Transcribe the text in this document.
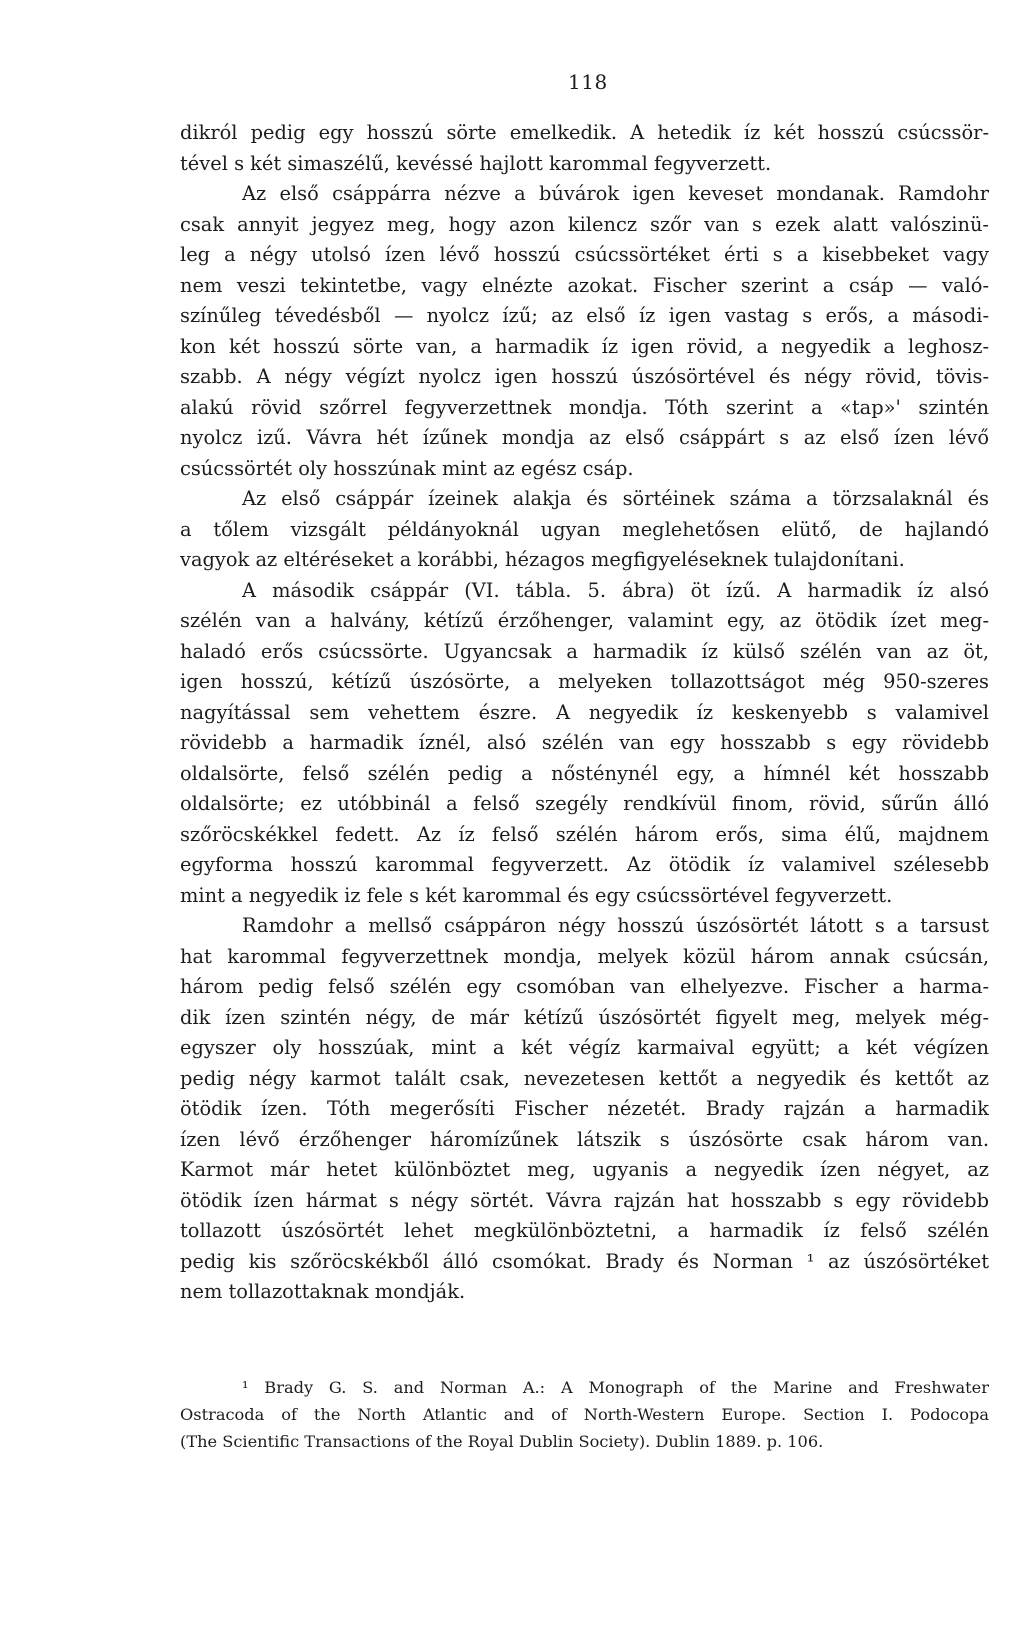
118
dikról pedig egy hosszú sörte emelkedik. A hetedik íz két hosszú csúcssör-
tével s két simaszélű, kevéssé hajlott karommal fegyverzett.
Az első csáppárra nézve a búvárok igen keveset mondanak. Ramdohr
csak annyit jegyez meg, hogy azon kilencz szőr van s ezek alatt valószinü-
leg a négy utolsó ízen lévő hosszú csúcssörtéket érti s a kisebbeket vagy
nem veszi tekintetbe, vagy elnézte azokat. Fischer szerint a csáp — való-
színűleg tévedésből — nyolcz ízű; az első íz igen vastag s erős, a másodi-
kon két hosszú sörte van, a harmadik íz igen rövid, a negyedik a leghosz-
szabb. A négy végízt nyolcz igen hosszú úszósörtével és négy rövid, tövis-
alakú rövid szőrrel fegyverzettnek mondja. Tóth szerint a «tap»' szintén
nyolcz izű. Vávra hét ízűnek mondja az első csáppárt s az első ízen lévő
csúcssörtét oly hosszúnak mint az egész csáp.
Az első csáppár ízeinek alakja és sörtéinek száma a törzsalaknál és
a tőlem vizsgált példányoknál ugyan meglehetősen elütő, de hajlandó
vagyok az eltéréseket a korábbi, hézagos megfigyeléseknek tulajdonítani.
A második csáppár (VI. tábla. 5. ábra) öt ízű. A harmadik íz alsó
szélén van a halvány, kétízű érzőhenger, valamint egy, az ötödik ízet meg-
haladó erős csúcssörte. Ugyancsak a harmadik íz külső szélén van az öt,
igen hosszú, kétízű úszósörte, a melyeken tollazottságot még 950-szeres
nagyítással sem vehettem észre. A negyedik íz keskenyebb s valamivel
rövidebb a harmadik íznél, alsó szélén van egy hosszabb s egy rövidebb
oldalsörte, felső szélén pedig a nősténynél egy, a hímnél két hosszabb
oldalsörte; ez utóbbinál a felső szegély rendkívül finom, rövid, sűrűn álló
szőröcskékkel fedett. Az íz felső szélén három erős, sima élű, majdnem
egyforma hosszú karommal fegyverzett. Az ötödik íz valamivel szélesebb
mint a negyedik iz fele s két karommal és egy csúcssörtével fegyverzett.
Ramdohr a mellső csáppáron négy hosszú úszósörtét látott s a tarsust
hat karommal fegyverzettnek mondja, melyek közül három annak csúcsán,
három pedig felső szélén egy csomóban van elhelyezve. Fischer a harma-
dik ízen szintén négy, de már kétízű úszósörtét figyelt meg, melyek még-
egyszer oly hosszúak, mint a két végíz karmaival együtt; a két végízen
pedig négy karmot talált csak, nevezetesen kettőt a negyedik és kettőt az
ötödik ízen. Tóth megerősíti Fischer nézetét. Brady rajzán a harmadik
ízen lévő érzőhenger háromízűnek látszik s úszósörte csak három van.
Karmot már hetet különböztet meg, ugyanis a negyedik ízen négyet, az
ötödik ízen hármat s négy sörtét. Vávra rajzán hat hosszabb s egy rövidebb
tollazott úszósörtét lehet megkülönböztetni, a harmadik íz felső szélén
pedig kis szőröcskékből álló csomókat. Brady és Norman ¹ az úszósörtéket
nem tollazottaknak mondják.
¹ Brady G. S. and Norman A.: A Monograph of the Marine and Freshwater
Ostracoda of the North Atlantic and of North-Western Europe. Section I. Podocopa
(The Scientific Transactions of the Royal Dublin Society). Dublin 1889. p. 106.
